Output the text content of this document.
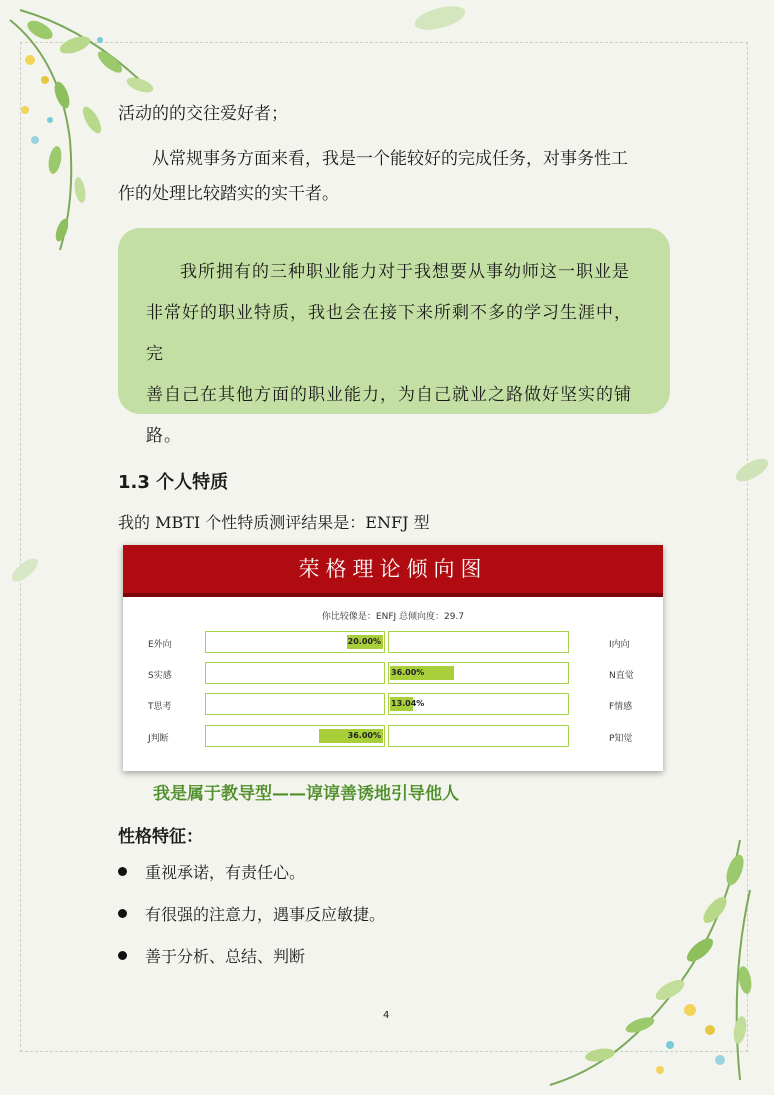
活动的的交往爱好者；
从常规事务方面来看，我是一个能较好的完成任务，对事务性工
作的处理比较踏实的实干者。

我所拥有的三种职业能力对于我想要从事幼师这一职业是

非常好的职业特质，我也会在接下来所剩不多的学习生涯中，完

善自己在其他方面的职业能力，为自己就业之路做好坚实的铺

路。

1.3 个人特质
我的 MBTI 个性特质测评结果是：ENFJ 型
荣格理论倾向图
你比较像是：ENFJ 总倾向度：29.7
E外向	20.00%	I内向
S实感	36.00%	N直觉
T思考	13.04%	F情感
J判断	36.00%	P知觉
我是属于教导型——谆谆善诱地引导他人
性格特征：
重视承诺，有责任心。
有很强的注意力，遇事反应敏捷。
善于分析、总结、判断
4
